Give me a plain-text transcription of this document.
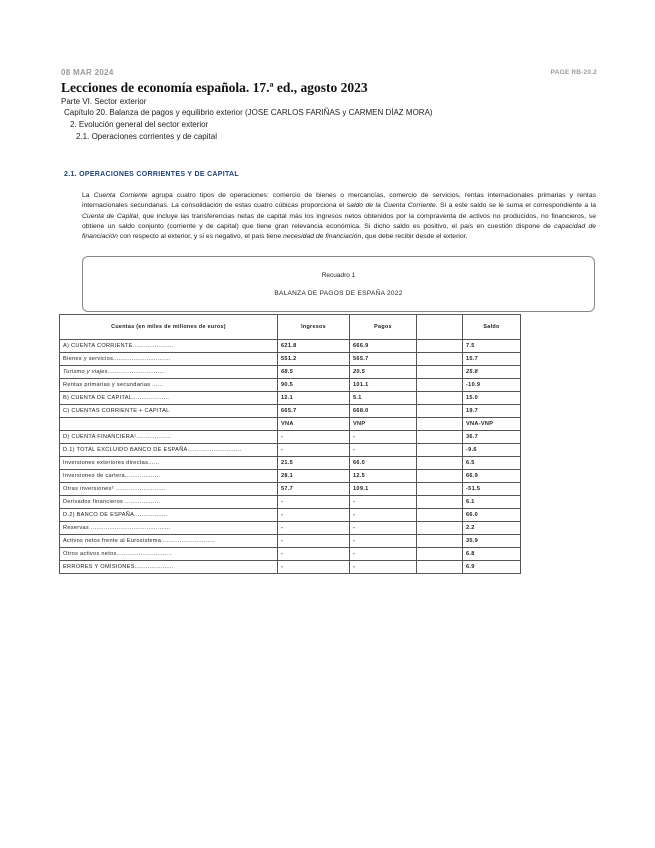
08 MAR 2024	PAGE RB-20.2
Lecciones de economía española. 17.ª ed., agosto 2023
Parte VI. Sector exterior
Capítulo 20. Balanza de pagos y equilibrio exterior (JOSE CARLOS FARIÑAS y CARMEN DÍAZ MORA)
2. Evolución general del sector exterior
2.1. Operaciones corrientes y de capital
2.1. OPERACIONES CORRIENTES Y DE CAPITAL

La Cuenta Corriente agrupa cuatro tipos de operaciones: comercio de bienes o mercancías, comercio de servicios, rentas internacionales primarias y rentas internacionales secundarias. La consolidación de estas cuatro cúbicas proporciona el saldo de la Cuenta Corriente. Si a este saldo se le suma el correspondiente a la Cuenta de Capital, que incluye las transferencias netas de capital más los ingresos netos obtenidos por la compraventa de activos no producidos, no financieros, se obtiene un saldo conjunto (corriente y de capital) que tiene gran relevancia económica. Si dicho saldo es positivo, el país en cuestión dispone de capacidad de financiación con respecto al exterior, y si es negativo, el país tiene necesidad de financiación, que debe recibir desde el exterior.

Recuadro 1
BALANZA DE PAGOS DE ESPAÑA 2022
Cuentas (en miles de millones de euros)	Ingresos	Pagos		Saldo
A) CUENTA CORRIENTE......................	621.8	666.9		7.5
Bienes y servicios...............................	551.2	565.7		15.7
Turismo y viajes...............................	68.5	20.5		25.8
Rentas primarias y secundarias ......	90.5	101.1		-10.9
B) CUENTA DE CAPITAL....................	12.1	5.1		15.0
C) CUENTAS CORRIENTE + CAPITAL	665.7	668.0		19.7
	VNA	VNP		VNA-VNP
D) CUENTA FINANCIERA¹...................	-	-		36.7
D.1) TOTAL EXCLUIDO BANCO DE ESPAÑA.............................	-	-		-9.6
Inversiones exteriores directas......	21.5	66.0		6.5
Inversiones de cartera...................	28.1	12.5		66.9
Otras inversiones² ...........................	57.7	109.1		-51.5
Derivados financieros ...................	-	-		6.1
D.2) BANCO DE ESPAÑA..................	-	-		66.0
Reservas ...........................................	-	-		2.2
Activos netos frente al Eurosistema.............................	-	-		35.9
Otros activos netos..............................	-	-		6.8
ERRORES Y OMISIONES.....................	-	-		6.9
